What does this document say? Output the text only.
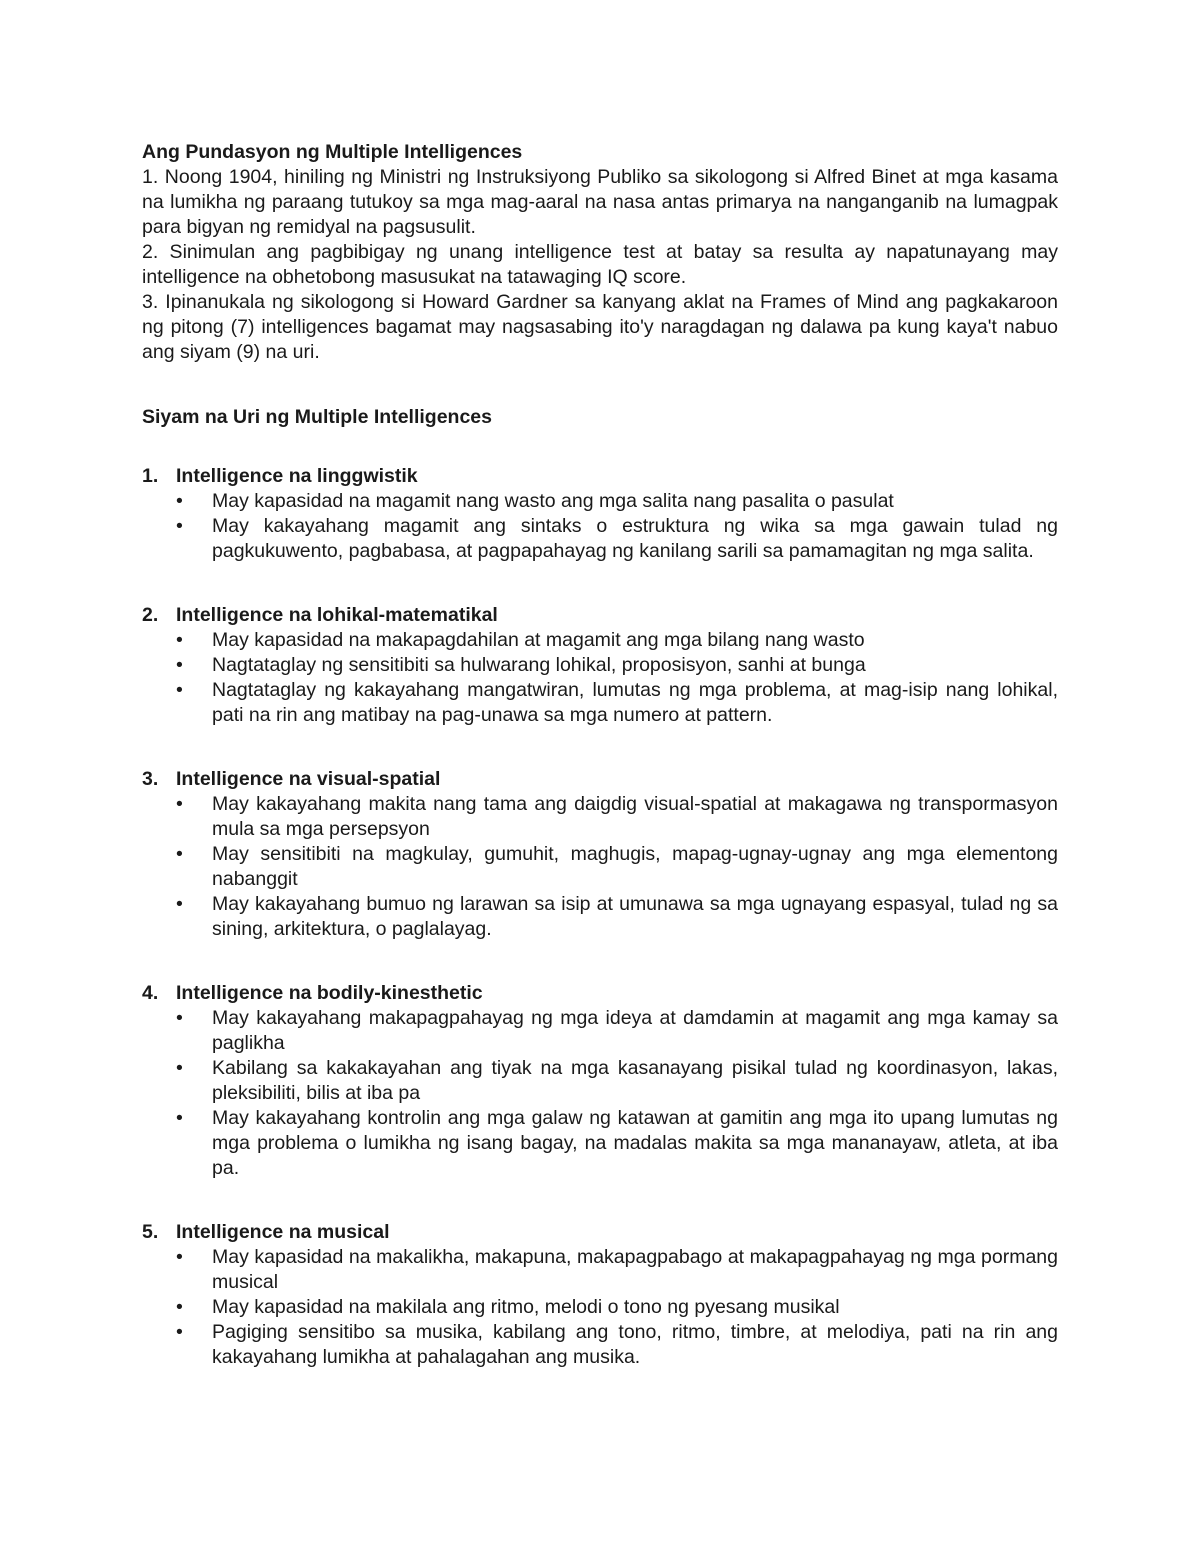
Ang Pundasyon ng Multiple Intelligences

1. Noong 1904, hiniling ng Ministri ng Instruksiyong Publiko sa sikologong si Alfred Binet at mga kasama na lumikha ng paraang tutukoy sa mga mag-aaral na nasa antas primarya na nanganganib na lumagpak para bigyan ng remidyal na pagsusulit.

2. Sinimulan ang pagbibigay ng unang intelligence test at batay sa resulta ay napatunayang may intelligence na obhetobong masusukat na tatawaging IQ score.

3. Ipinanukala ng sikologong si Howard Gardner sa kanyang aklat na Frames of Mind ang pagkakaroon ng pitong (7) intelligences bagamat may nagsasabing ito'y naragdagan ng dalawa pa kung kaya't nabuo ang siyam (9) na uri.

Siyam na Uri ng Multiple Intelligences

1. Intelligence na linggwistik
•	May kapasidad na magamit nang wasto ang mga salita nang pasalita o pasulat
•	May kakayahang magamit ang sintaks o estruktura ng wika sa mga gawain tulad ng pagkukuwento, pagbabasa, at pagpapahayag ng kanilang sarili sa pamamagitan ng mga salita.
2. Intelligence na lohikal-matematikal
•	May kapasidad na makapagdahilan at magamit ang mga bilang nang wasto
•	Nagtataglay ng sensitibiti sa hulwarang lohikal, proposisyon, sanhi at bunga
•	Nagtataglay ng kakayahang mangatwiran, lumutas ng mga problema, at mag-isip nang lohikal, pati na rin ang matibay na pag-unawa sa mga numero at pattern.
3. Intelligence na visual-spatial
•	May kakayahang makita nang tama ang daigdig visual-spatial at makagawa ng transpormasyon mula sa mga persepsyon
•	May sensitibiti na magkulay, gumuhit, maghugis, mapag-ugnay-ugnay ang mga elementong nabanggit
•	May kakayahang bumuo ng larawan sa isip at umunawa sa mga ugnayang espasyal, tulad ng sa sining, arkitektura, o paglalayag.
4. Intelligence na bodily-kinesthetic
•	May kakayahang makapagpahayag ng mga ideya at damdamin at magamit ang mga kamay sa paglikha
•	Kabilang sa kakakayahan ang tiyak na mga kasanayang pisikal tulad ng koordinasyon, lakas, pleksibiliti, bilis at iba pa
•	May kakayahang kontrolin ang mga galaw ng katawan at gamitin ang mga ito upang lumutas ng mga problema o lumikha ng isang bagay, na madalas makita sa mga mananayaw, atleta, at iba pa.
5. Intelligence na musical
•	May kapasidad na makalikha, makapuna, makapagpabago at makapagpahayag ng mga pormang musical
•	May kapasidad na makilala ang ritmo, melodi o tono ng pyesang musikal
•	Pagiging sensitibo sa musika, kabilang ang tono, ritmo, timbre, at melodiya, pati na rin ang kakayahang lumikha at pahalagahan ang musika.
